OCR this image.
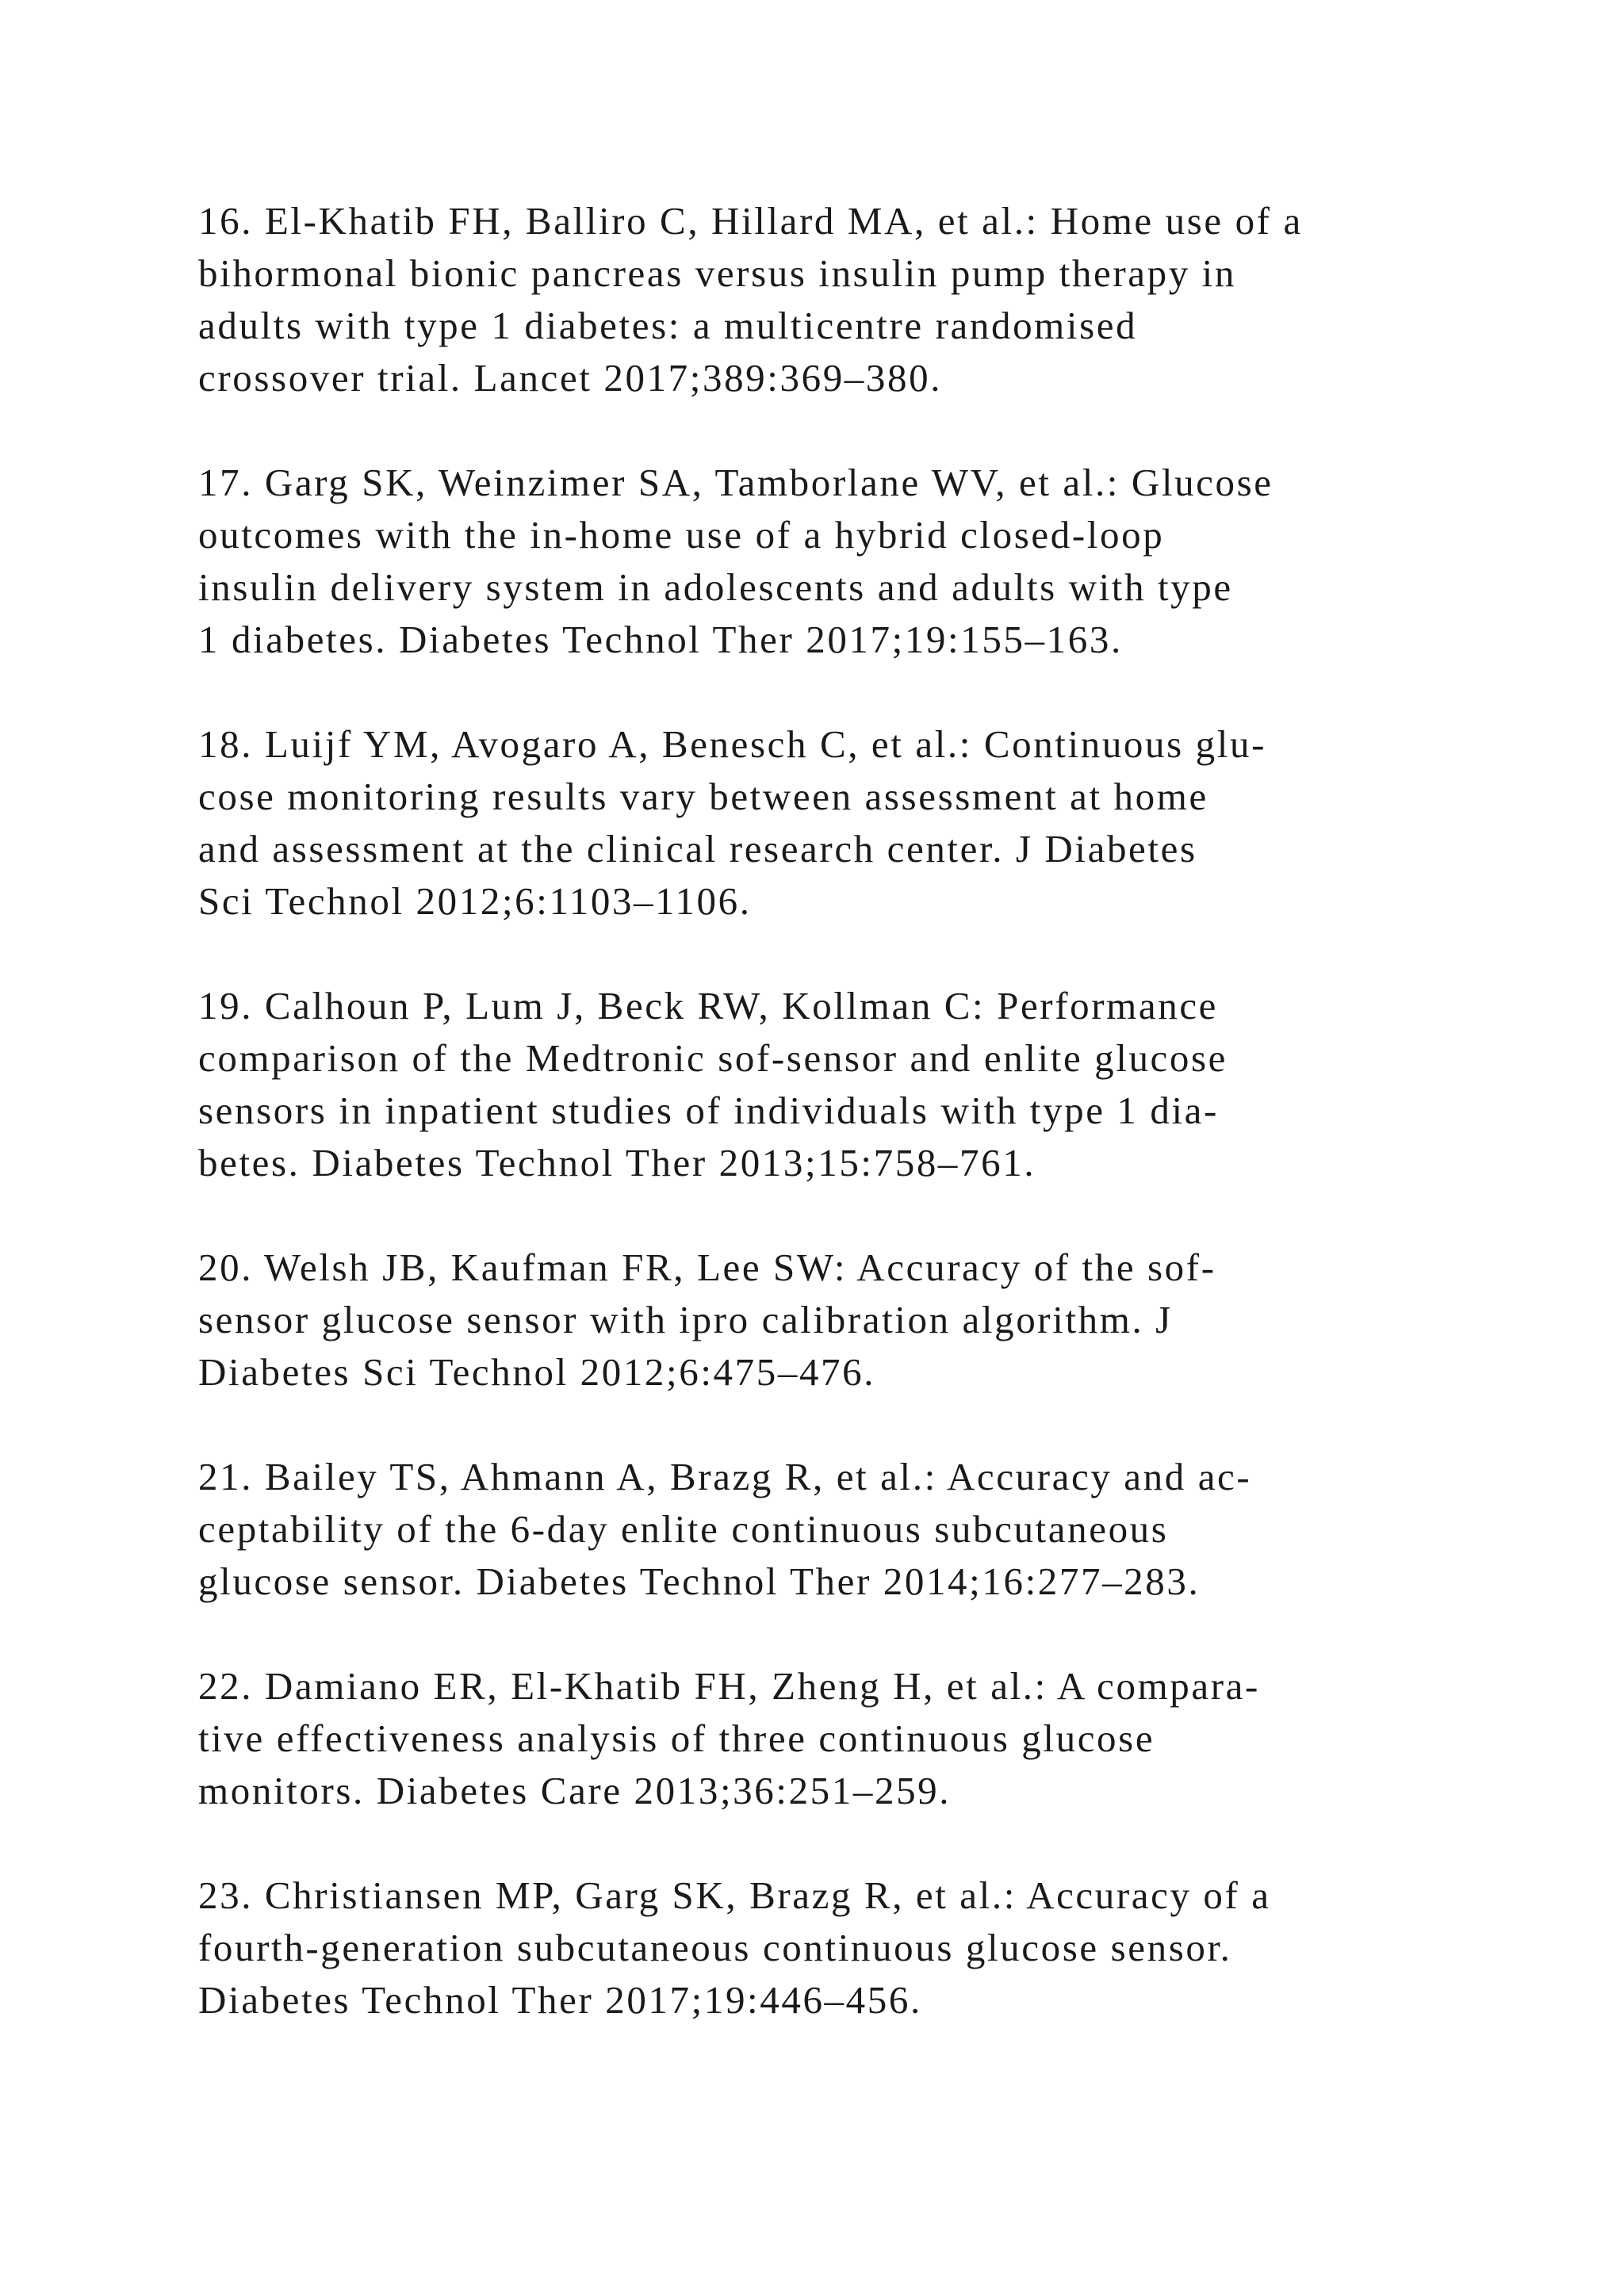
16. El-Khatib FH, Balliro C, Hillard MA, et al.: Home use of a
bihormonal bionic pancreas versus insulin pump therapy in
adults with type 1 diabetes: a multicentre randomised
crossover trial. Lancet 2017;389:369–380.
17. Garg SK, Weinzimer SA, Tamborlane WV, et al.: Glucose
outcomes with the in-home use of a hybrid closed-loop
insulin delivery system in adolescents and adults with type
1 diabetes. Diabetes Technol Ther 2017;19:155–163.
18. Luijf YM, Avogaro A, Benesch C, et al.: Continuous glu-
cose monitoring results vary between assessment at home
and assessment at the clinical research center. J Diabetes
Sci Technol 2012;6:1103–1106.
19. Calhoun P, Lum J, Beck RW, Kollman C: Performance
comparison of the Medtronic sof-sensor and enlite glucose
sensors in inpatient studies of individuals with type 1 dia-
betes. Diabetes Technol Ther 2013;15:758–761.
20. Welsh JB, Kaufman FR, Lee SW: Accuracy of the sof-
sensor glucose sensor with ipro calibration algorithm. J
Diabetes Sci Technol 2012;6:475–476.
21. Bailey TS, Ahmann A, Brazg R, et al.: Accuracy and ac-
ceptability of the 6-day enlite continuous subcutaneous
glucose sensor. Diabetes Technol Ther 2014;16:277–283.
22. Damiano ER, El-Khatib FH, Zheng H, et al.: A compara-
tive effectiveness analysis of three continuous glucose
monitors. Diabetes Care 2013;36:251–259.
23. Christiansen MP, Garg SK, Brazg R, et al.: Accuracy of a
fourth-generation subcutaneous continuous glucose sensor.
Diabetes Technol Ther 2017;19:446–456.
